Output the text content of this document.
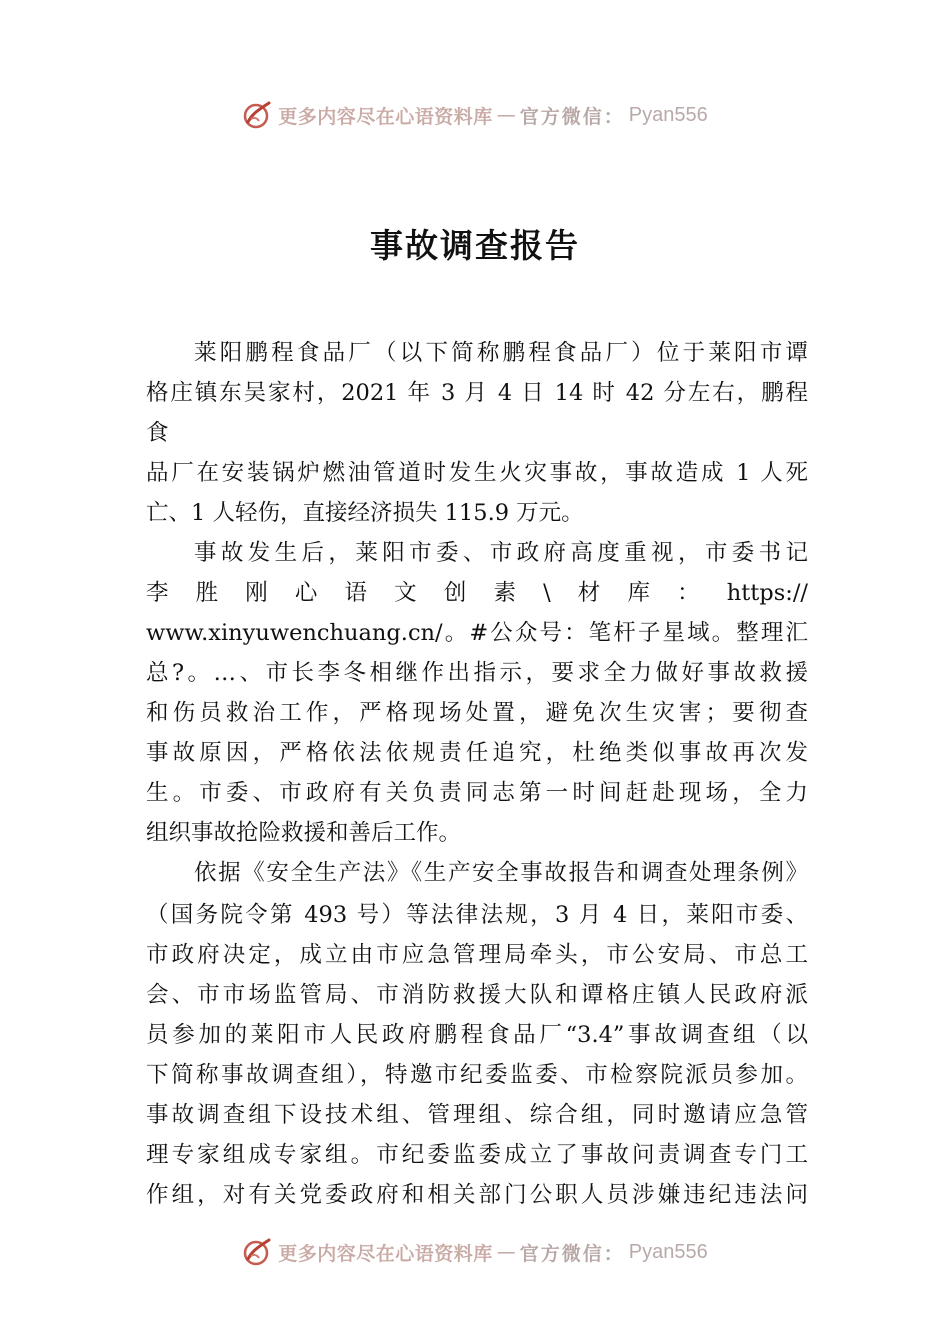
更多内容尽在心语资料库 — 官方微信： Pyan556
事故调查报告
莱阳鹏程食品厂（以下简称鹏程食品厂）位于莱阳市谭
格庄镇东吴家村，2021 年 3 月 4 日 14 时 42 分左右，鹏程
食
品厂在安装锅炉燃油管道时发生火灾事故，事故造成 1 人死
亡、1 人轻伤，直接经济损失 115.9 万元。
事故发生后，莱阳市委、市政府高度重视，市委书记
李胜刚心语文创素\材库：https://
www.xinyuwenchuang.cn/。#公众号：笔杆子星域。整理汇
总?。…、市长李冬相继作出指示，要求全力做好事故救援
和伤员救治工作，严格现场处置，避免次生灾害；要彻查
事故原因，严格依法依规责任追究，杜绝类似事故再次发
生。市委、市政府有关负责同志第一时间赶赴现场，全力
组织事故抢险救援和善后工作。
依据《安全生产法》《生产安全事故报告和调查处理条例》
（国务院令第 493 号）等法律法规，3 月 4 日，莱阳市委、
市政府决定，成立由市应急管理局牵头，市公安局、市总工
会、市市场监管局、市消防救援大队和谭格庄镇人民政府派
员参加的莱阳市人民政府鹏程食品厂“3.4”事故调查组（以
下简称事故调查组），特邀市纪委监委、市检察院派员参加。
事故调查组下设技术组、管理组、综合组，同时邀请应急管
理专家组成专家组。市纪委监委成立了事故问责调查专门工
作组，对有关党委政府和相关部门公职人员涉嫌违纪违法问
更多内容尽在心语资料库 — 官方微信： Pyan556
